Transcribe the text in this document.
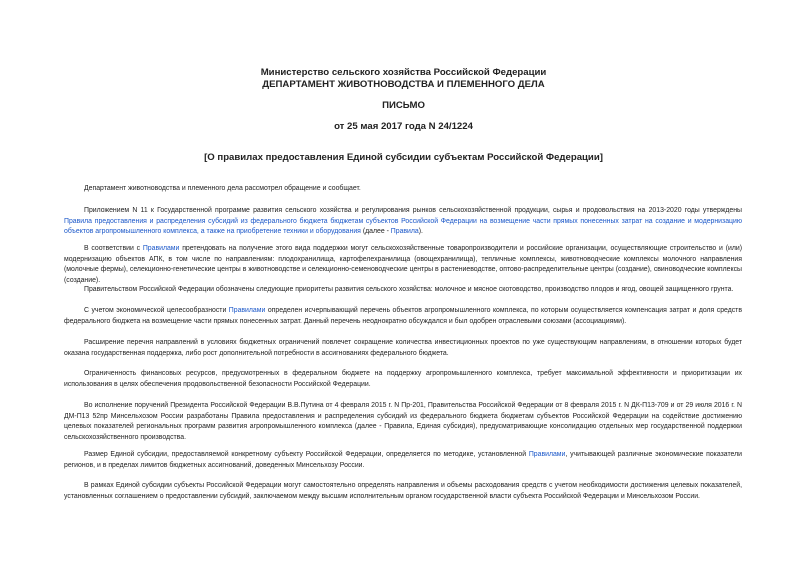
Министерство сельского хозяйства Российской Федерации
ДЕПАРТАМЕНТ ЖИВОТНОВОДСТВА И ПЛЕМЕННОГО ДЕЛА
ПИСЬМО
от 25 мая 2017 года N 24/1224
[О правилах предоставления Единой субсидии субъектам Российской Федерации]

Департамент животноводства и племенного дела рассмотрел обращение и сообщает.

Приложением N 11 к Государственной программе развития сельского хозяйства и регулирования рынков сельскохозяйственной продукции, сырья и продовольствия на 2013-2020 годы утверждены Правила предоставления и распределения субсидий из федерального бюджета бюджетам субъектов Российской Федерации на возмещение части прямых понесенных затрат на создание и модернизацию объектов агропромышленного комплекса, а также на приобретение техники и оборудования (далее - Правила).

В соответствии с Правилами претендовать на получение этого вида поддержки могут сельскохозяйственные товаропроизводители и российские организации, осуществляющие строительство и (или) модернизацию объектов АПК, в том числе по направлениям: плодохранилища, картофелехранилища (овощехранилища), тепличные комплексы, животноводческие комплексы молочного направления (молочные фермы), селекционно-генетические центры в животноводстве и селекционно-семеноводческие центры в растениеводстве, оптово-распределительные центры (создание), свиноводческие комплексы (создание).

Правительством Российской Федерации обозначены следующие приоритеты развития сельского хозяйства: молочное и мясное скотоводство, производство плодов и ягод, овощей защищенного грунта.

С учетом экономической целесообразности Правилами определен исчерпывающий перечень объектов агропромышленного комплекса, по которым осуществляется компенсация затрат и доля средств федерального бюджета на возмещение части прямых понесенных затрат. Данный перечень неоднократно обсуждался и был одобрен отраслевыми союзами (ассоциациями).

Расширение перечня направлений в условиях бюджетных ограничений повлечет сокращение количества инвестиционных проектов по уже существующим направлениям, в отношении которых будет оказана государственная поддержка, либо рост дополнительной потребности в ассигнованиях федерального бюджета.

Ограниченность финансовых ресурсов, предусмотренных в федеральном бюджете на поддержку агропромышленного комплекса, требует максимальной эффективности и приоритизации их использования в целях обеспечения продовольственной безопасности Российской Федерации.

Во исполнение поручений Президента Российской Федерации В.В.Путина от 4 февраля 2015 г. N Пр-201, Правительства Российской Федерации от 8 февраля 2015 г. N ДК-П13-709 и от 29 июля 2016 г. N ДМ-П13 52пр Минсельхозом России разработаны Правила предоставления и распределения субсидий из федерального бюджета бюджетам субъектов Российской Федерации на содействие достижению целевых показателей региональных программ развития агропромышленного комплекса (далее - Правила, Единая субсидия), предусматривающие консолидацию отдельных мер государственной поддержки сельскохозяйственного производства.

Размер Единой субсидии, предоставляемой конкретному субъекту Российской Федерации, определяется по методике, установленной Правилами, учитывающей различные экономические показатели регионов, и в пределах лимитов бюджетных ассигнований, доведенных Минсельхозу России.

В рамках Единой субсидии субъекты Российской Федерации могут самостоятельно определять направления и объемы расходования средств с учетом необходимости достижения целевых показателей, установленных соглашением о предоставлении субсидий, заключаемом между высшим исполнительным органом государственной власти субъекта Российской Федерации и Минсельхозом России.
